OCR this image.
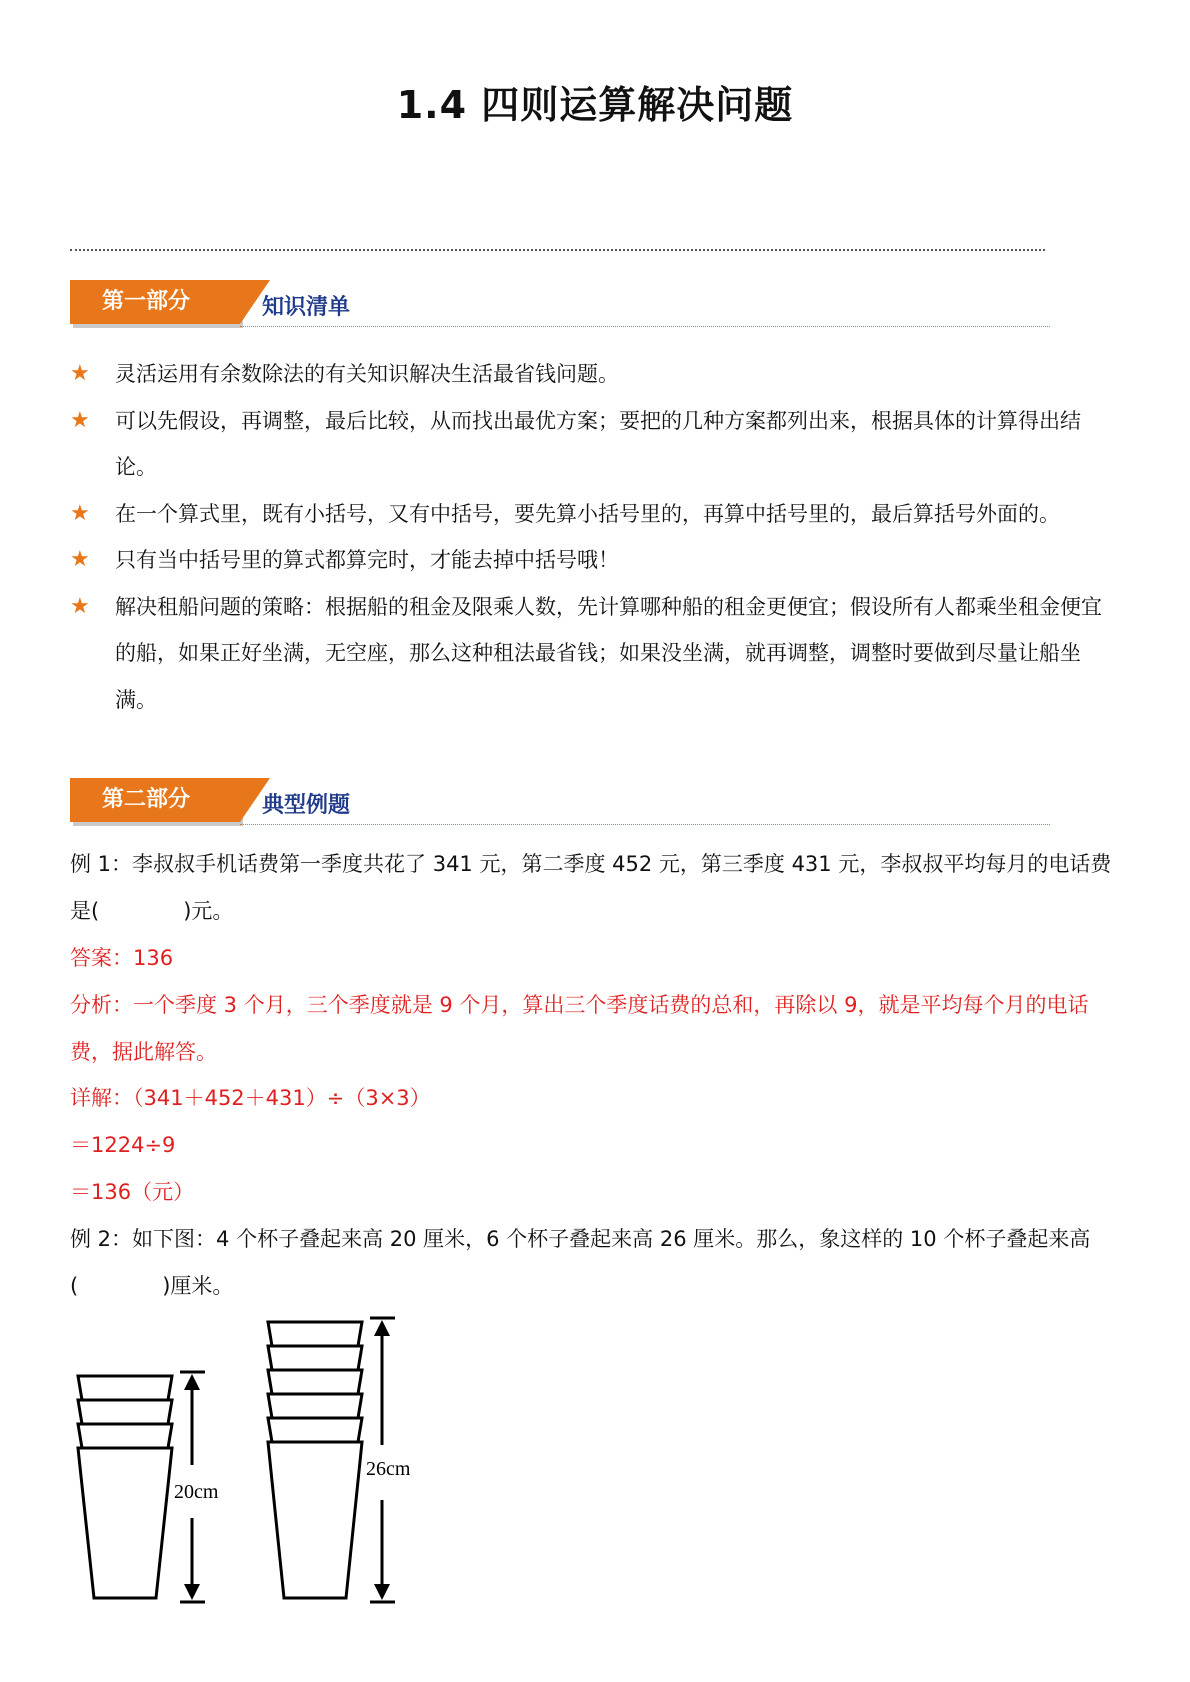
1.4 四则运算解决问题
第一部分	知识清单
★ 灵活运用有余数除法的有关知识解决生活最省钱问题。
★ 可以先假设，再调整，最后比较，从而找出最优方案；要把的几种方案都列出来，根据具体的计算得出结论。
★ 在一个算式里，既有小括号，又有中括号，要先算小括号里的，再算中括号里的，最后算括号外面的。
★ 只有当中括号里的算式都算完时，才能去掉中括号哦！
★ 解决租船问题的策略：根据船的租金及限乘人数，先计算哪种船的租金更便宜；假设所有人都乘坐租金便宜的船，如果正好坐满，无空座，那么这种租法最省钱；如果没坐满，就再调整，调整时要做到尽量让船坐满。
第二部分	典型例题
例 1：李叔叔手机话费第一季度共花了 341 元，第二季度 452 元，第三季度 431 元，李叔叔平均每月的电话费是(　　　　)元。
答案：136
分析：一个季度 3 个月，三个季度就是 9 个月，算出三个季度话费的总和，再除以 9，就是平均每个月的电话费，据此解答。
详解：（341＋452＋431）÷（3×3）
＝1224÷9
＝136（元）
例 2：如下图：4 个杯子叠起来高 20 厘米，6 个杯子叠起来高 26 厘米。那么，象这样的 10 个杯子叠起来高(　　　　)厘米。
20cm
26cm
